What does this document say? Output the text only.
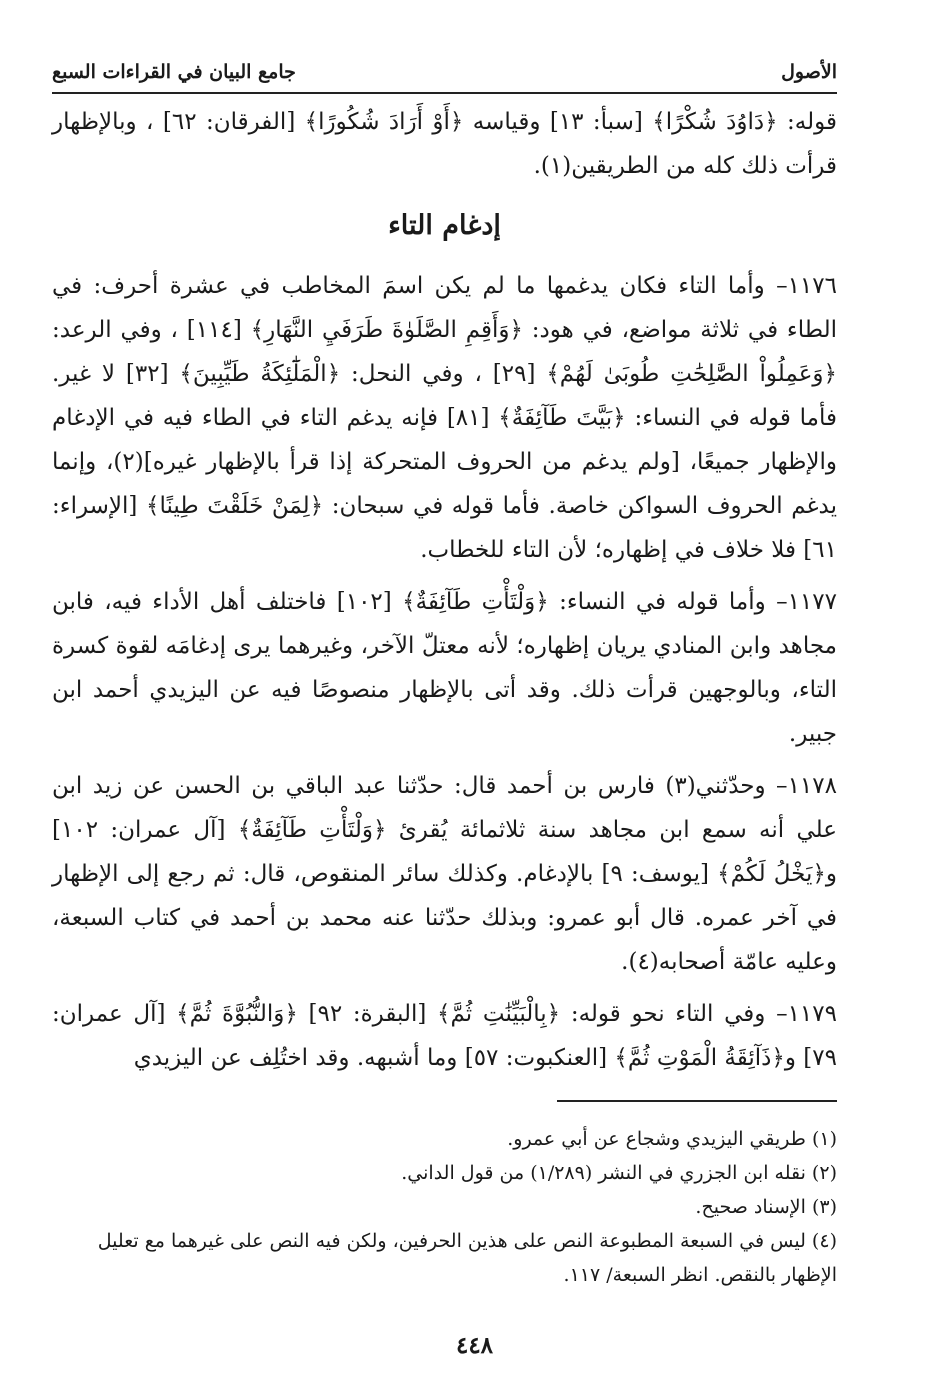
الأصول
جامع البيان في القراءات السبع

قوله: ﴿دَاوُدَ شُكْرًا﴾ [سبأ: ١٣] وقياسه ﴿أَوْ أَرَادَ شُكُورًا﴾ [الفرقان: ٦٢] ، وبالإظهار قرأت ذلك كله من الطريقين(١).

إدغام التاء

١١٧٦– وأما التاء فكان يدغمها ما لم يكن اسمَ المخاطب في عشرة أحرف: في الطاء في ثلاثة مواضع، في هود: ﴿وَأَقِمِ الصَّلَوٰةَ طَرَفَيِ النَّهَارِ﴾ [١١٤] ، وفي الرعد: ﴿وَعَمِلُواْ الصَّٰلِحَٰتِ طُوبَىٰ لَهُمْ﴾ [٢٩] ، وفي النحل: ﴿الْمَلَٰٓئِكَةُ طَيِّبِينَ﴾ [٣٢] لا غير. فأما قوله في النساء: ﴿بَيَّتَ طَآئِفَةٌ﴾ [٨١] فإنه يدغم التاء في الطاء فيه في الإدغام والإظهار جميعًا، [ولم يدغم من الحروف المتحركة إذا قرأ بالإظهار غيره](٢)، وإنما يدغم الحروف السواكن خاصة. فأما قوله في سبحان: ﴿لِمَنْ خَلَقْتَ طِينًا﴾ [الإسراء: ٦١] فلا خلاف في إظهاره؛ لأن التاء للخطاب.

١١٧٧– وأما قوله في النساء: ﴿وَلْتَأْتِ طَآئِفَةٌ﴾ [١٠٢] فاختلف أهل الأداء فيه، فابن مجاهد وابن المنادي يريان إظهاره؛ لأنه معتلّ الآخر، وغيرهما يرى إدغامَه لقوة كسرة التاء، وبالوجهين قرأت ذلك. وقد أتى بالإظهار منصوصًا فيه عن اليزيدي أحمد ابن جبير.

١١٧٨– وحدّثني(٣) فارس بن أحمد قال: حدّثنا عبد الباقي بن الحسن عن زيد ابن علي أنه سمع ابن مجاهد سنة ثلاثمائة يُقرئ ﴿وَلْتَأْتِ طَآئِفَةٌ﴾ [آل عمران: ١٠٢] و﴿يَخْلُ لَكُمْ﴾ [يوسف: ٩] بالإدغام. وكذلك سائر المنقوص، قال: ثم رجع إلى الإظهار في آخر عمره. قال أبو عمرو: وبذلك حدّثنا عنه محمد بن أحمد في كتاب السبعة، وعليه عامّة أصحابه(٤).

١١٧٩– وفي التاء نحو قوله: ﴿بِالْبَيِّنَٰتِ ثُمَّ﴾ [البقرة: ٩٢] ﴿وَالنُّبُوَّةَ ثُمَّ﴾ [آل عمران: ٧٩] و﴿ذَآئِقَةُ الْمَوْتِ ثُمَّ﴾ [العنكبوت: ٥٧] وما أشبهه. وقد اختُلِف عن اليزيدي

(١) طريقي اليزيدي وشجاع عن أبي عمرو.

(٢) نقله ابن الجزري في النشر (١/٢٨٩) من قول الداني.

(٣) الإسناد صحيح.

(٤) ليس في السبعة المطبوعة النص على هذين الحرفين، ولكن فيه النص على غيرهما مع تعليل الإظهار بالنقص. انظر السبعة/ ١١٧.

٤٤٨
